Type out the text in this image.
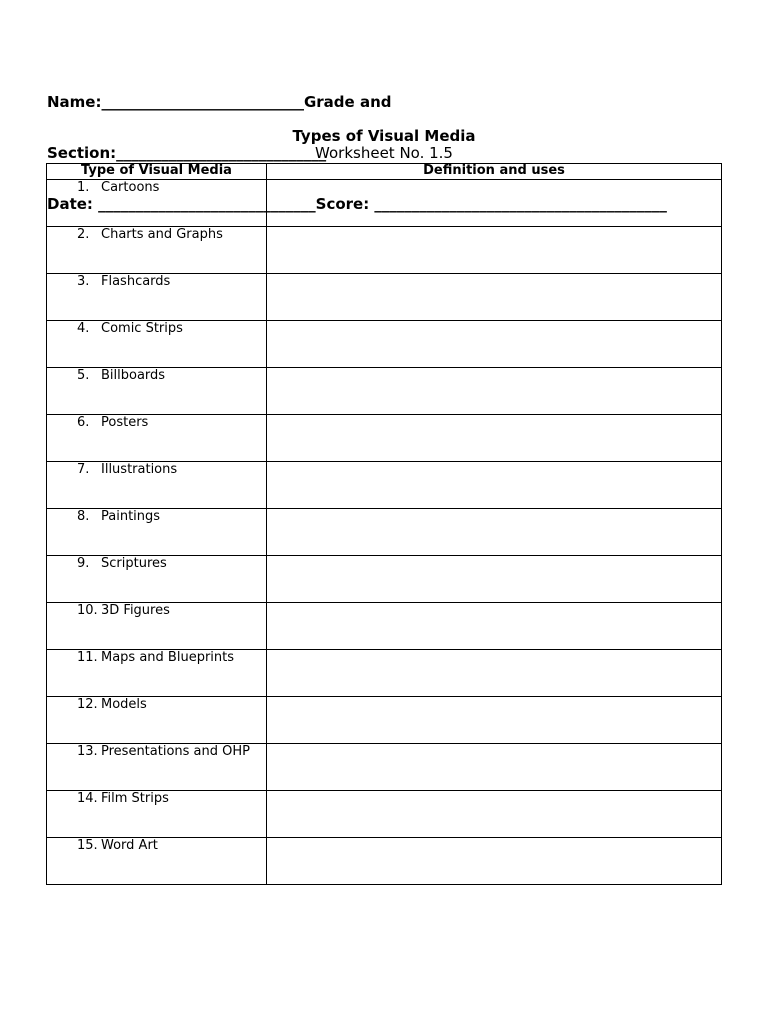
Name:___________________________Grade and

Section:____________________________

Date: _____________________________Score: _______________________________________

Types of Visual Media
Worksheet No. 1.5
Type of Visual Media	Definition and uses

1. Cartoons	

2. Charts and Graphs	

3. Flashcards	

4. Comic Strips	

5. Billboards	

6. Posters	

7. Illustrations	

8. Paintings	

9. Scriptures	

10. 3D Figures	

11. Maps and Blueprints	

12. Models	

13. Presentations and OHP	

14. Film Strips	

15. Word Art	
